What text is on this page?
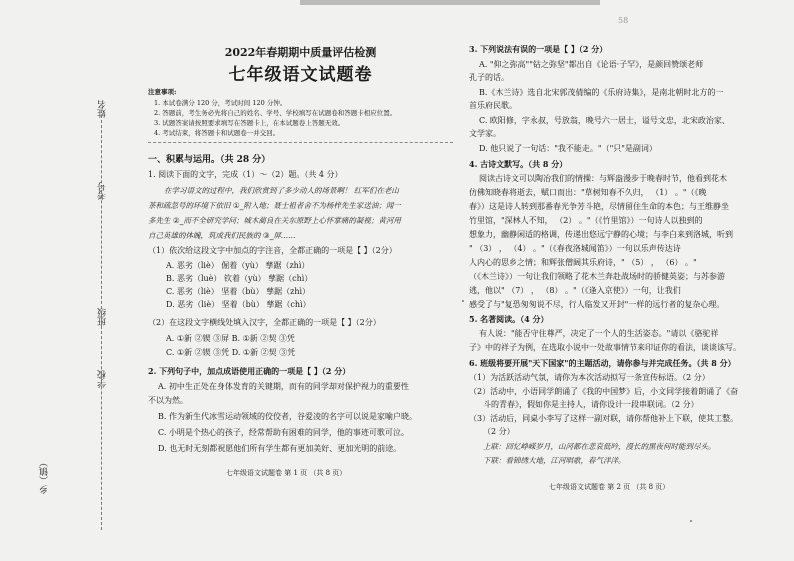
58
姓名
考号
班级
学校
乡（镇）
2022年春期期中质量评估检测
七年级语文试题卷
注意事项:
1. 本试卷满分 120 分，考试时间 120 分钟。
2. 答题前，考生务必先将自己的姓名、学号、学校填写在试题卷和答题卡相应位置。
3. 试题答案请按照要求填写在答题卡上，在本试题卷上答题无效。
4. 考试结束，将答题卡和试题卷一并交回。
一、积累与运用。（共 28 分）
1. 阅读下面的文字，完成（1）～（2）题。（共 4 分）
在学习语文的过程中，我们欣赏到了多少动人的场景啊！ 红军们在老山
茶和疏忽号的环境下依旧 ①_附入地；聂士祖者舍不为杨梓先生家送油；闻一
多先生 ②_而不全研究学问；城木蔺良在关东原野上心怀掌痛的凝视；黄河用
自己英雄的体魄，筑成我们民族的 ③_屏……
（1）依次给这段文字中加点的字注音，全都正确的一项是【 】（2分）
A. 恶劣（liè） 倔着（yù） 孳踞（zhì）
B. 恶劣（luè） 钦着（yù） 孳踞（chì）
C. 恶劣（liè） 坚着（bù） 孳踞（zhì）
D. 恶劣（liè） 坚着（bù） 孳踞（chì）
（2）在这段文字横线处填入汉字，全都正确的一项是【 】（2分）
A. ①新 ②锲 ③屏 B. ①新 ②契 ③凭
C. ①新 ②锲 ③凭 D. ①新 ②契 ③凭
2. 下列句子中，加点成语使用正确的一项是【 】（2 分）
A. 初中生正处在身体发育的关键期，而有的同学却对保护视力的重要性
不以为然。
B. 作为新生代冰雪运动领域的佼佼者，谷爱凌的名字可以说是家喻户晓。
C. 小明是个热心的孩子，经常帮助有困难的同学，他的事迹可歌可泣。
D. 也无时无刻都祝愿他们所有学生都有更加美好、更加光明的前途。
七年级语文试题卷 第 1 页 （共 8 页）
3. 下列说法有误的一项是【 】（2 分）
A. "仰之弥高""钻之弥坚"都出自《论语·子罕》，是颜回赞颂老师
孔子的话。
B.《木兰诗》选自北宋郭茂倩编的《乐府诗集》，是南北朝时北方的一
首乐府民歌。
C. 欧阳修，字永叔，号放翁，晚号六一居士，谥号文忠，北宋政治家、
文学家。
D. 他只说了一句话："我不能走。"（"只"是副词）
4. 古诗文默写。（共 8 分）
阅读古诗文可以陶冶我们的情操：与辉盎漫步于晚春时节，他看到花木
仿佛知晓春将逝去，赋口而出："草树知春不久归， （1） 。"（《晚
春》）这是诗人转到那番春光争芳斗艳，尽情留住生命的本色；与王维静坐
竹里馆，"深林人不知， （2） 。"（《竹里馆》）一句诗人以独到的
想象力，幽静闲适的格调，传递出悠远宁静的心境；与李白来到洛城，听到
" （3） ， （4） 。"（《春夜洛城闻笛》）一句以乐声传达诗
人内心的思乡之情；和辉张僧阔其乐府诗，" （5） ， （6） 。"
（《木兰诗》）一句让我们领略了花木兰奔赴战场时的骄健英姿；与苏参游
逃，他以" （7） ， （8） 。"（《逢入京使》）一句，让我们
感受了与"复恐匆匆说不尽，行人临发又开封"一样的远行者的复杂心理。
5. 名著阅读。（4 分）
有人说："能否守住尊严，决定了一个人的生活姿态。"请以《骆驼祥
子》中的祥子为例，在选取小说中一处故事情节来印证你的看法，谈谈该写。
6. 班级将要开展"天下国家"的主题活动，请你参与并完成任务。（共 8 分）
（1）为活跃活动气氛，请你为本次活动拟写一条宣传标语。（2 分）
（2）活动中，小语同学朗诵了《我的中国梦》后，小文同学接着朗诵了《奋
斗的青春》，假如你是主持人，请你设计一段串联词。（2 分）
（3）活动后，同桌小李写了这样一副对联，请你帮他补上下联，使其工整。
（2 分）
上联：回忆峥嵘岁月，山河都在悲哀低吟，漫长的黑夜何时能到尽头。
下联：看锦绣大地，江河唱歌，春气洋洋。
七年级语文试题卷 第 2 页 （共 8 页）
